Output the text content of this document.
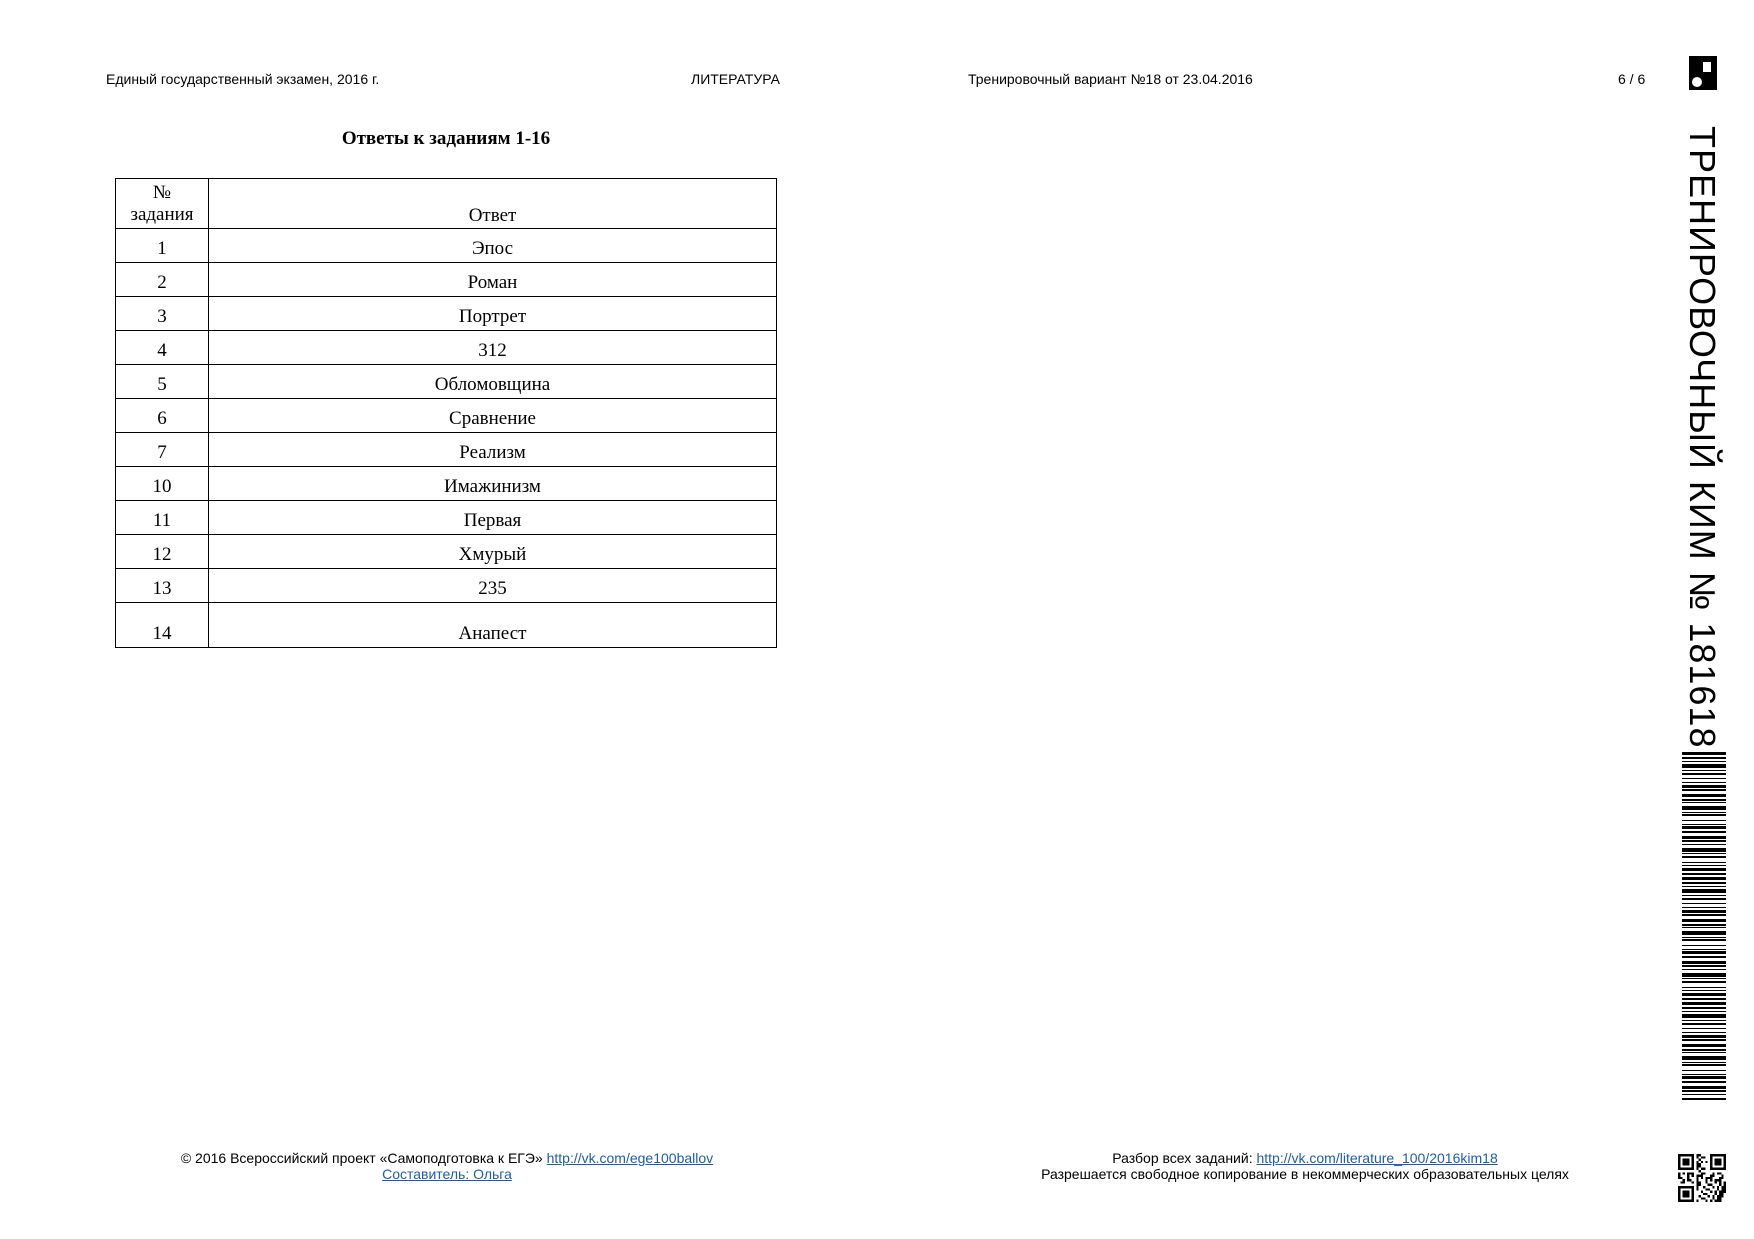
Единый государственный экзамен, 2016 г.	ЛИТЕРАТУРА	Тренировочный вариант №18 от 23.04.2016	6 / 6
Ответы к заданиям 1-16
№
задания	Ответ
1	Эпос
2	Роман
3	Портрет
4	312
5	Обломовщина
6	Сравнение
7	Реализм
10	Имажинизм
11	Первая
12	Хмурый
13	235
14	Анапест	ТРЕНИРОВОЧНЫЙ КИМ № 181618
© 2016 Всероссийский проект «Самоподготовка к ЕГЭ» http://vk.com/ege100ballov
Составитель: Ольга
Разбор всех заданий: http://vk.com/literature_100/2016kim18
Разрешается свободное копирование в некоммерческих образовательных целях
